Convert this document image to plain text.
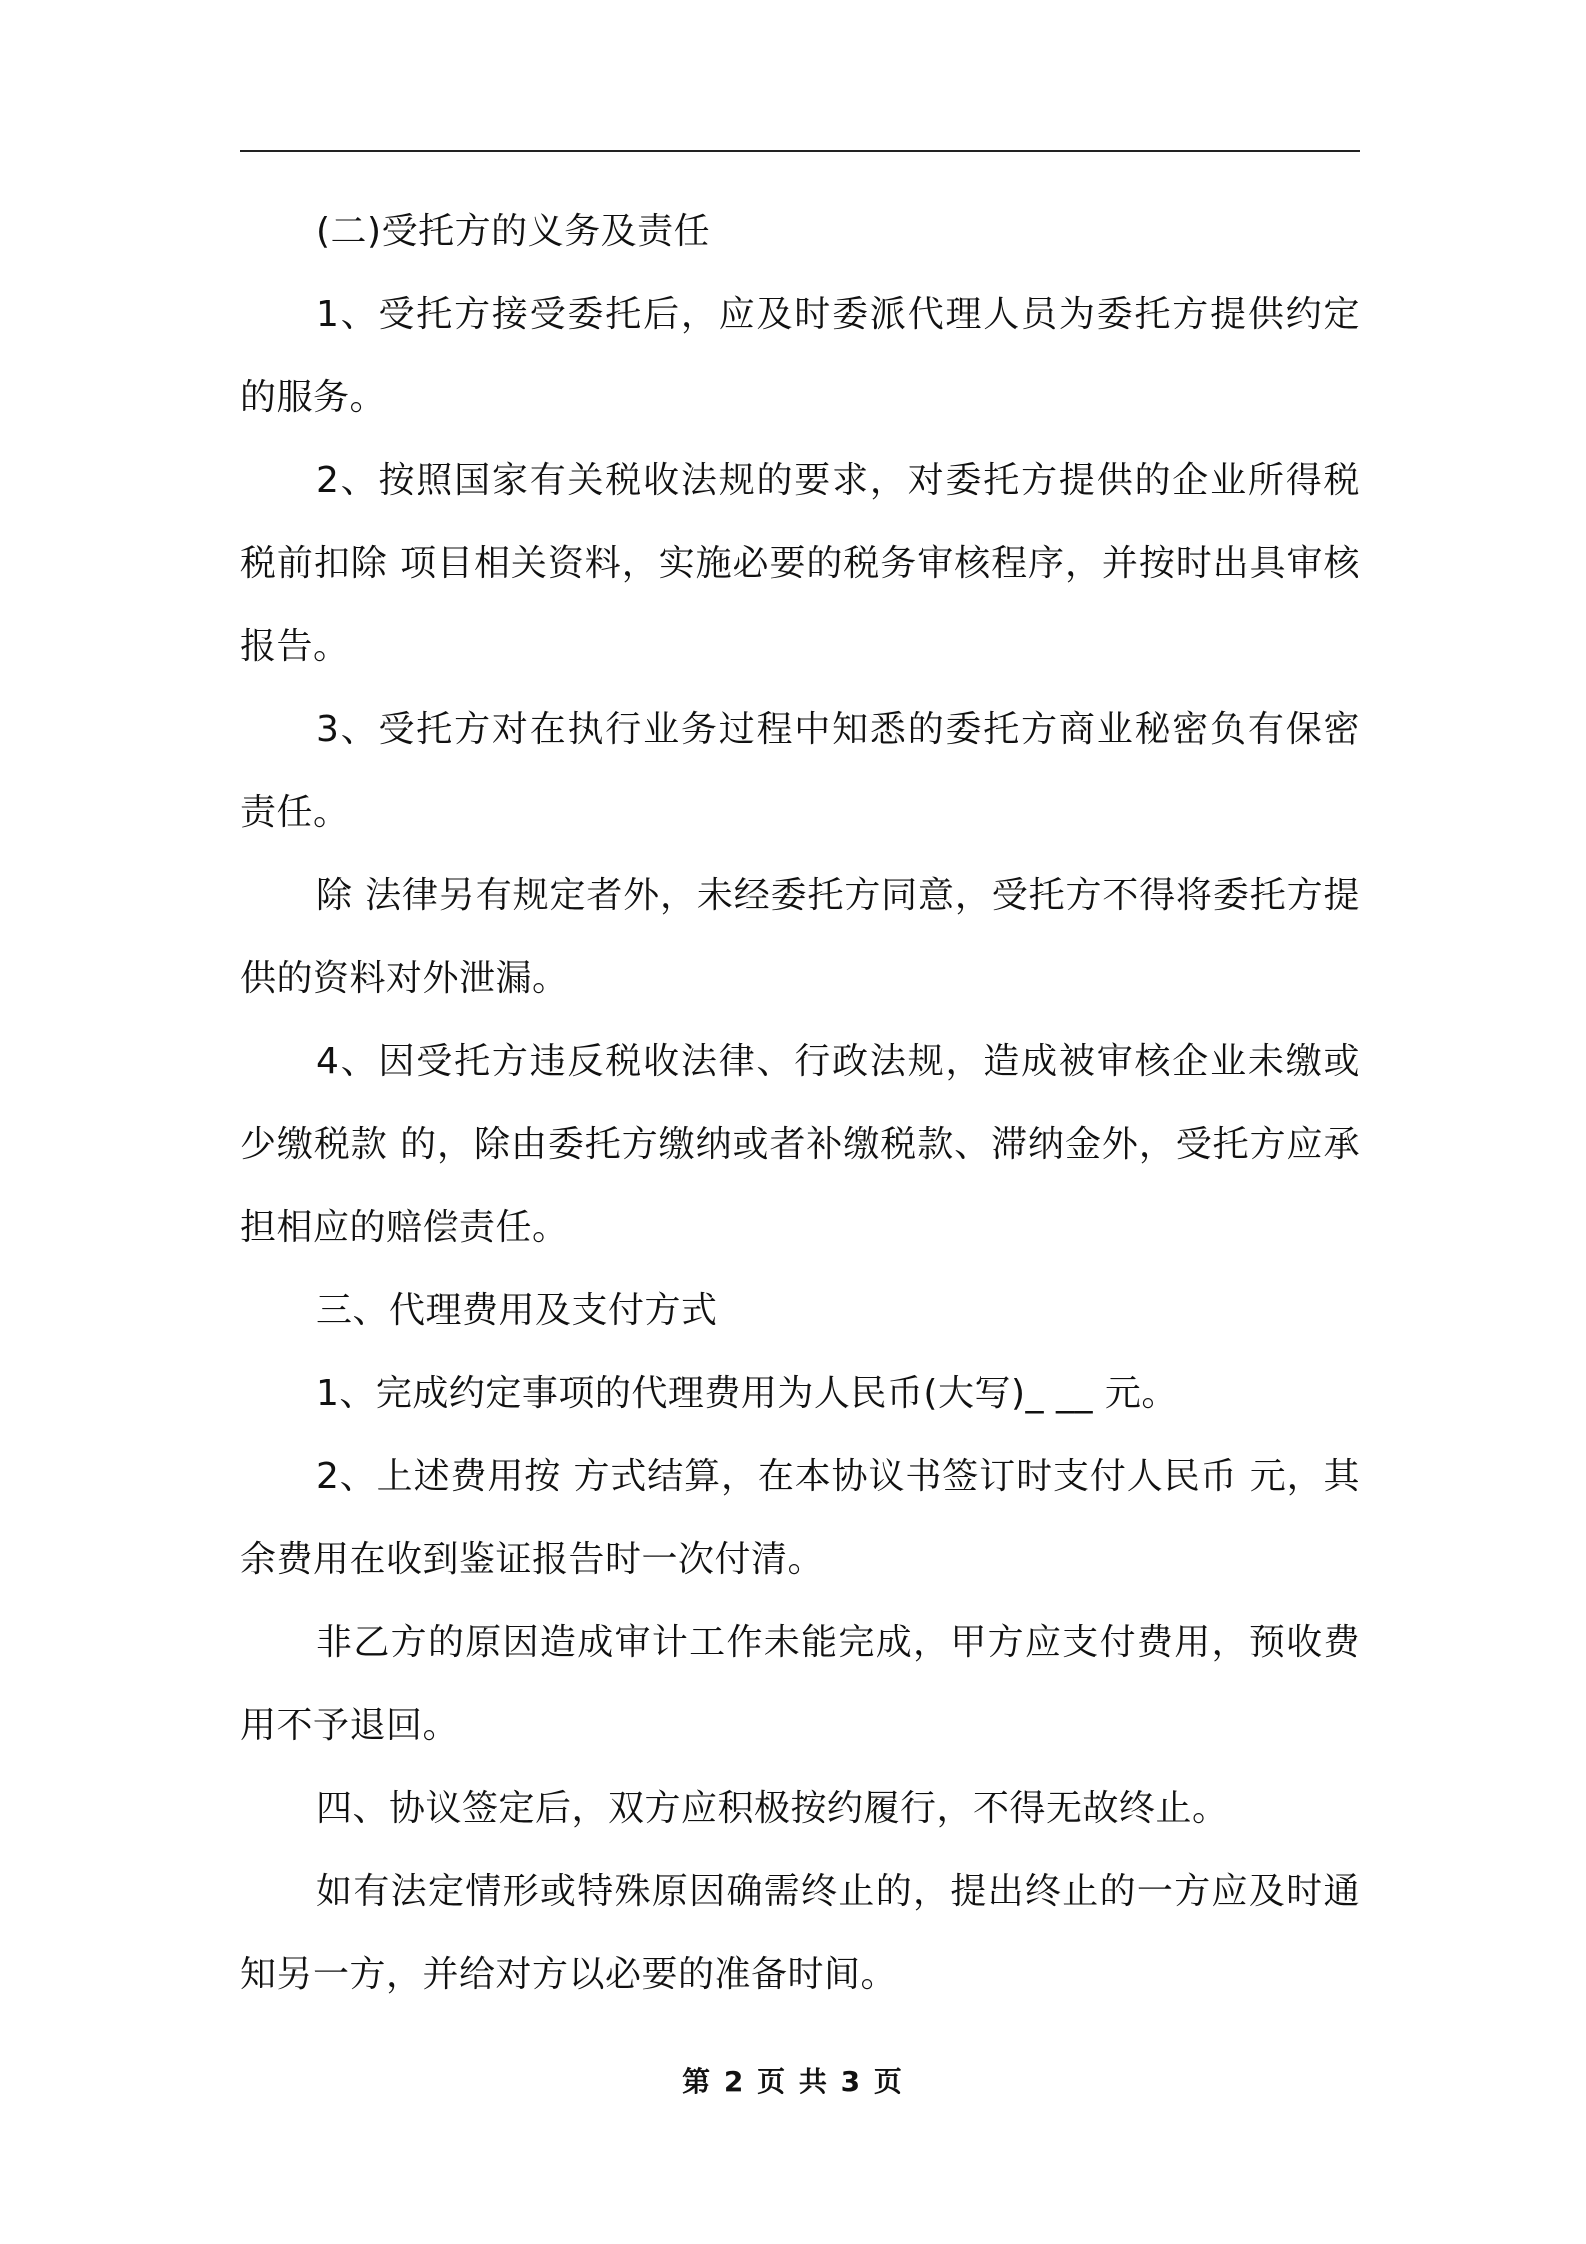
(二)受托方的义务及责任

1、受托方接受委托后，应及时委派代理人员为委托方提供约定的服务。

2、按照国家有关税收法规的要求，对委托方提供的企业所得税税前扣除 项目相关资料，实施必要的税务审核程序，并按时出具审核报告。

3、受托方对在执行业务过程中知悉的委托方商业秘密负有保密责任。

除 法律另有规定者外，未经委托方同意，受托方不得将委托方提供的资料对外泄漏。

4、因受托方违反税收法律、行政法规，造成被审核企业未缴或少缴税款 的，除由委托方缴纳或者补缴税款、滞纳金外，受托方应承担相应的赔偿责任。

三、代理费用及支付方式

1、完成约定事项的代理费用为人民币(大写)_ __ 元。

2、上述费用按 方式结算，在本协议书签订时支付人民币 元，其余费用在收到鉴证报告时一次付清。

非乙方的原因造成审计工作未能完成，甲方应支付费用，预收费用不予退回。

四、协议签定后，双方应积极按约履行，不得无故终止。

如有法定情形或特殊原因确需终止的，提出终止的一方应及时通知另一方，并给对方以必要的准备时间。

第 2 页 共 3 页
